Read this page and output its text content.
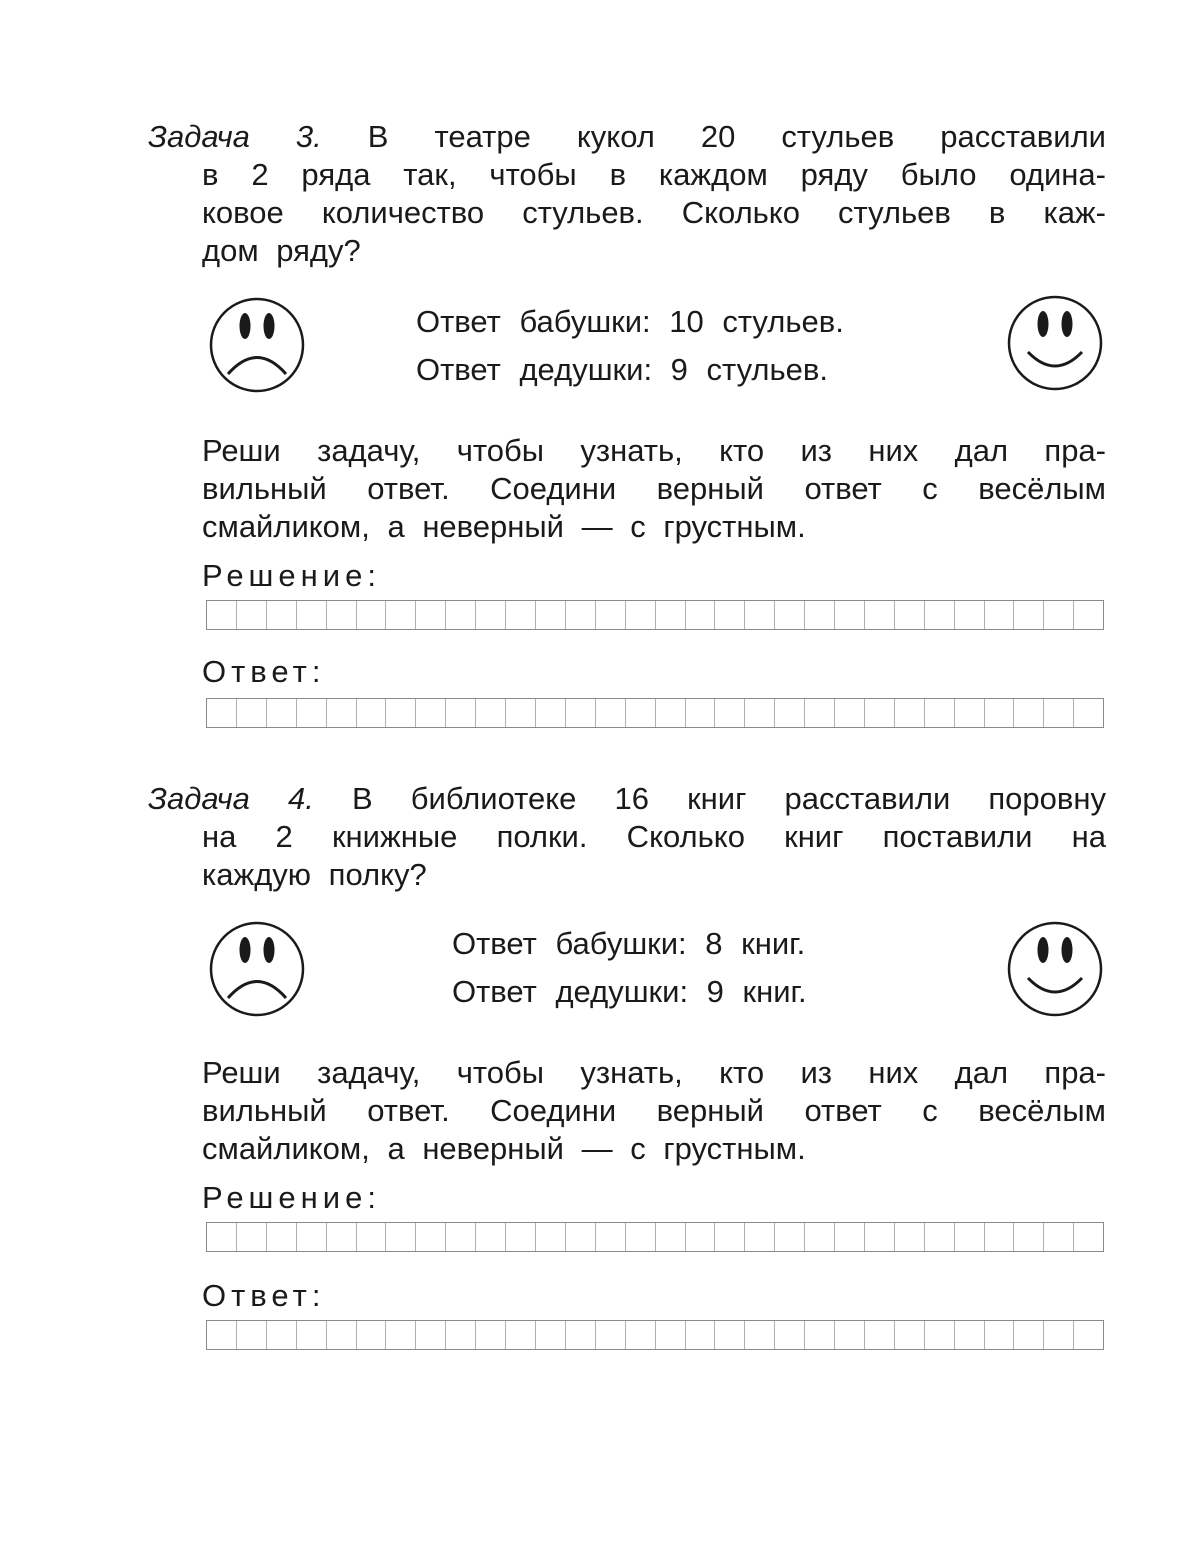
Задача 3. В театре кукол 20 стульев расставили
в 2 ряда так, чтобы в каждом ряду было одина-
ковое количество стульев. Сколько стульев в каж-
дом ряду?
Ответ бабушки: 10 стульев.
Ответ дедушки: 9 стульев.
Реши задачу, чтобы узнать, кто из них дал пра-
вильный ответ. Соедини верный ответ с весёлым
смайликом, а неверный — с грустным.
Решение:
Ответ:
Задача 4. В библиотеке 16 книг расставили поровну
на 2 книжные полки. Сколько книг поставили на
каждую полку?
Ответ бабушки: 8 книг.
Ответ дедушки: 9 книг.
Реши задачу, чтобы узнать, кто из них дал пра-
вильный ответ. Соедини верный ответ с весёлым
смайликом, а неверный — с грустным.
Решение:
Ответ:
